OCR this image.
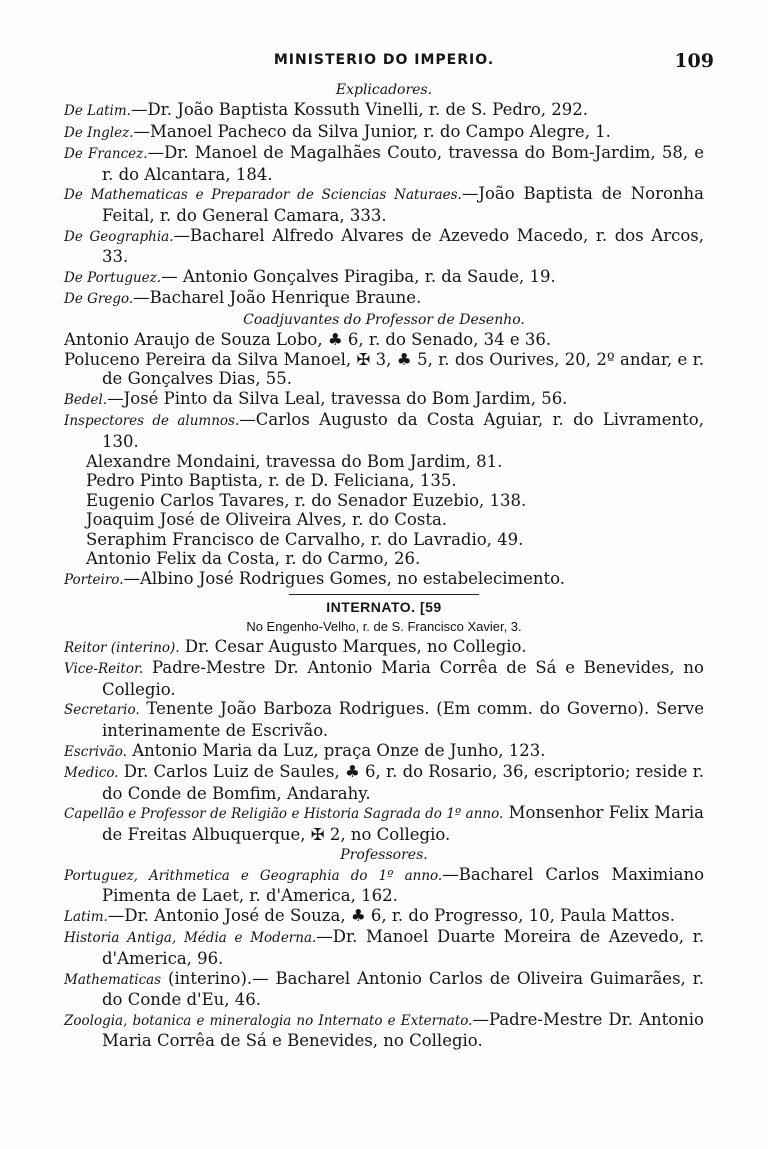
MINISTERIO DO IMPERIO.	109
Explicadores.
De Latim.—Dr. João Baptista Kossuth Vinelli, r. de S. Pedro, 292.
De Inglez.—Manoel Pacheco da Silva Junior, r. do Campo Alegre, 1.
De Francez.—Dr. Manoel de Magalhães Couto, travessa do Bom-Jardim, 58, e r. do Alcantara, 184.
De Mathematicas e Preparador de Sciencias Naturaes.—João Baptista de Noronha Feital, r. do General Camara, 333.
De Geographia.—Bacharel Alfredo Alvares de Azevedo Macedo, r. dos Arcos, 33.
De Portuguez.— Antonio Gonçalves Piragiba, r. da Saude, 19.
De Grego.—Bacharel João Henrique Braune.
Coadjuvantes do Professor de Desenho.
Antonio Araujo de Souza Lobo, ♣ 6, r. do Senado, 34 e 36.
Poluceno Pereira da Silva Manoel, ✠ 3, ♣ 5, r. dos Ourives, 20, 2º andar, e r. de Gonçalves Dias, 55.
Bedel.—José Pinto da Silva Leal, travessa do Bom Jardim, 56.
Inspectores de alumnos.—Carlos Augusto da Costa Aguiar, r. do Livramento, 130.
Alexandre Mondaini, travessa do Bom Jardim, 81.
Pedro Pinto Baptista, r. de D. Feliciana, 135.
Eugenio Carlos Tavares, r. do Senador Euzebio, 138.
Joaquim José de Oliveira Alves, r. do Costa.
Seraphim Francisco de Carvalho, r. do Lavradio, 49.
Antonio Felix da Costa, r. do Carmo, 26.
Porteiro.—Albino José Rodrigues Gomes, no estabelecimento.
INTERNATO. [59
No Engenho-Velho, r. de S. Francisco Xavier, 3.
Reitor (interino). Dr. Cesar Augusto Marques, no Collegio.
Vice-Reitor. Padre-Mestre Dr. Antonio Maria Corrêa de Sá e Benevides, no Collegio.
Secretario. Tenente João Barboza Rodrigues. (Em comm. do Governo). Serve interinamente de Escrivão.
Escrivão. Antonio Maria da Luz, praça Onze de Junho, 123.
Medico. Dr. Carlos Luiz de Saules, ♣ 6, r. do Rosario, 36, escriptorio; reside r. do Conde de Bomfim, Andarahy.
Capellão e Professor de Religião e Historia Sagrada do 1º anno. Monsenhor Felix Maria de Freitas Albuquerque, ✠ 2, no Collegio.
Professores.
Portuguez, Arithmetica e Geographia do 1º anno.—Bacharel Carlos Maximiano Pimenta de Laet, r. d'America, 162.
Latim.—Dr. Antonio José de Souza, ♣ 6, r. do Progresso, 10, Paula Mattos.
Historia Antiga, Média e Moderna.—Dr. Manoel Duarte Moreira de Azevedo, r. d'America, 96.
Mathematicas (interino).— Bacharel Antonio Carlos de Oliveira Guimarães, r. do Conde d'Eu, 46.
Zoologia, botanica e mineralogia no Internato e Externato.—Padre-Mestre Dr. Antonio Maria Corrêa de Sá e Benevides, no Collegio.
